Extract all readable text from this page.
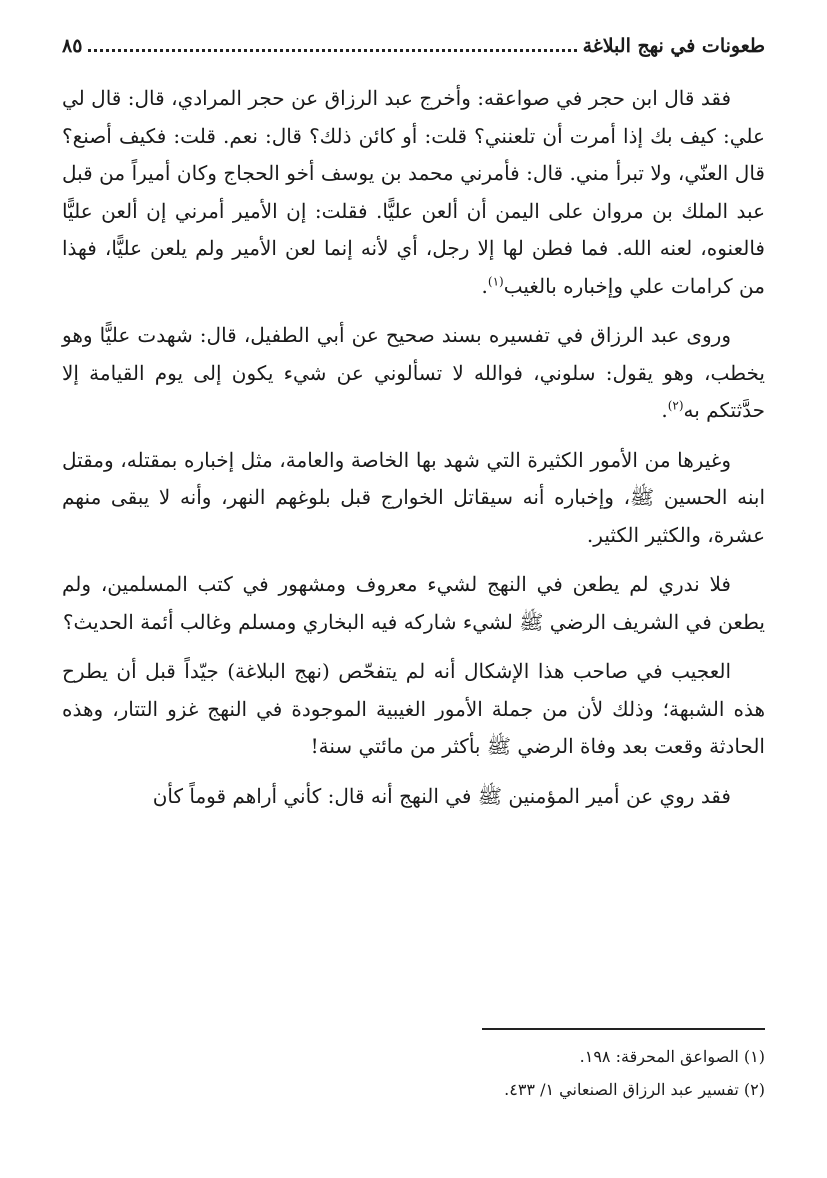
طعونات في نهج البلاغة
٨٥

فقد قال ابن حجر في صواعقه: وأخرج عبد الرزاق عن حجر المرادي، قال: قال لي علي: كيف بك إذا أمرت أن تلعنني؟ قلت: أو كائن ذلك؟ قال: نعم. قلت: فكيف أصنع؟ قال العنّي، ولا تبرأ مني. قال: فأمرني محمد بن يوسف أخو الحجاج وكان أميراً من قبل عبد الملك بن مروان على اليمن أن ألعن عليًّا. فقلت: إن الأمير أمرني إن ألعن عليًّا فالعنوه، لعنه الله. فما فطن لها إلا رجل، أي لأنه إنما لعن الأمير ولم يلعن عليًّا، فهذا من كرامات علي وإخباره بالغيب$^{(١)}$.

وروى عبد الرزاق في تفسيره بسند صحيح عن أبي الطفيل، قال: شهدت عليًّا وهو يخطب، وهو يقول: سلوني، فوالله لا تسألوني عن شيء يكون إلى يوم القيامة إلا حدَّثتكم به$^{(٢)}$.

وغيرها من الأمور الكثيرة التي شهد بها الخاصة والعامة، مثل إخباره بمقتله، ومقتل ابنه الحسين ﷺ، وإخباره أنه سيقاتل الخوارج قبل بلوغهم النهر، وأنه لا يبقى منهم عشرة، والكثير الكثير.

فلا ندري لم يطعن في النهج لشيء معروف ومشهور في كتب المسلمين، ولم يطعن في الشريف الرضي ﷺ لشيء شاركه فيه البخاري ومسلم وغالب أئمة الحديث؟

العجيب في صاحب هذا الإشكال أنه لم يتفحّص (نهج البلاغة) جيّداً قبل أن يطرح هذه الشبهة؛ وذلك لأن من جملة الأمور الغيبية الموجودة في النهج غزو التتار، وهذه الحادثة وقعت بعد وفاة الرضي ﷺ بأكثر من مائتي سنة!

فقد روي عن أمير المؤمنين ﷺ في النهج أنه قال: كأني أراهم قوماً كأن

(١) الصواعق المحرقة: ١٩٨.

(٢) تفسير عبد الرزاق الصنعاني ١/ ٤٣٣.
